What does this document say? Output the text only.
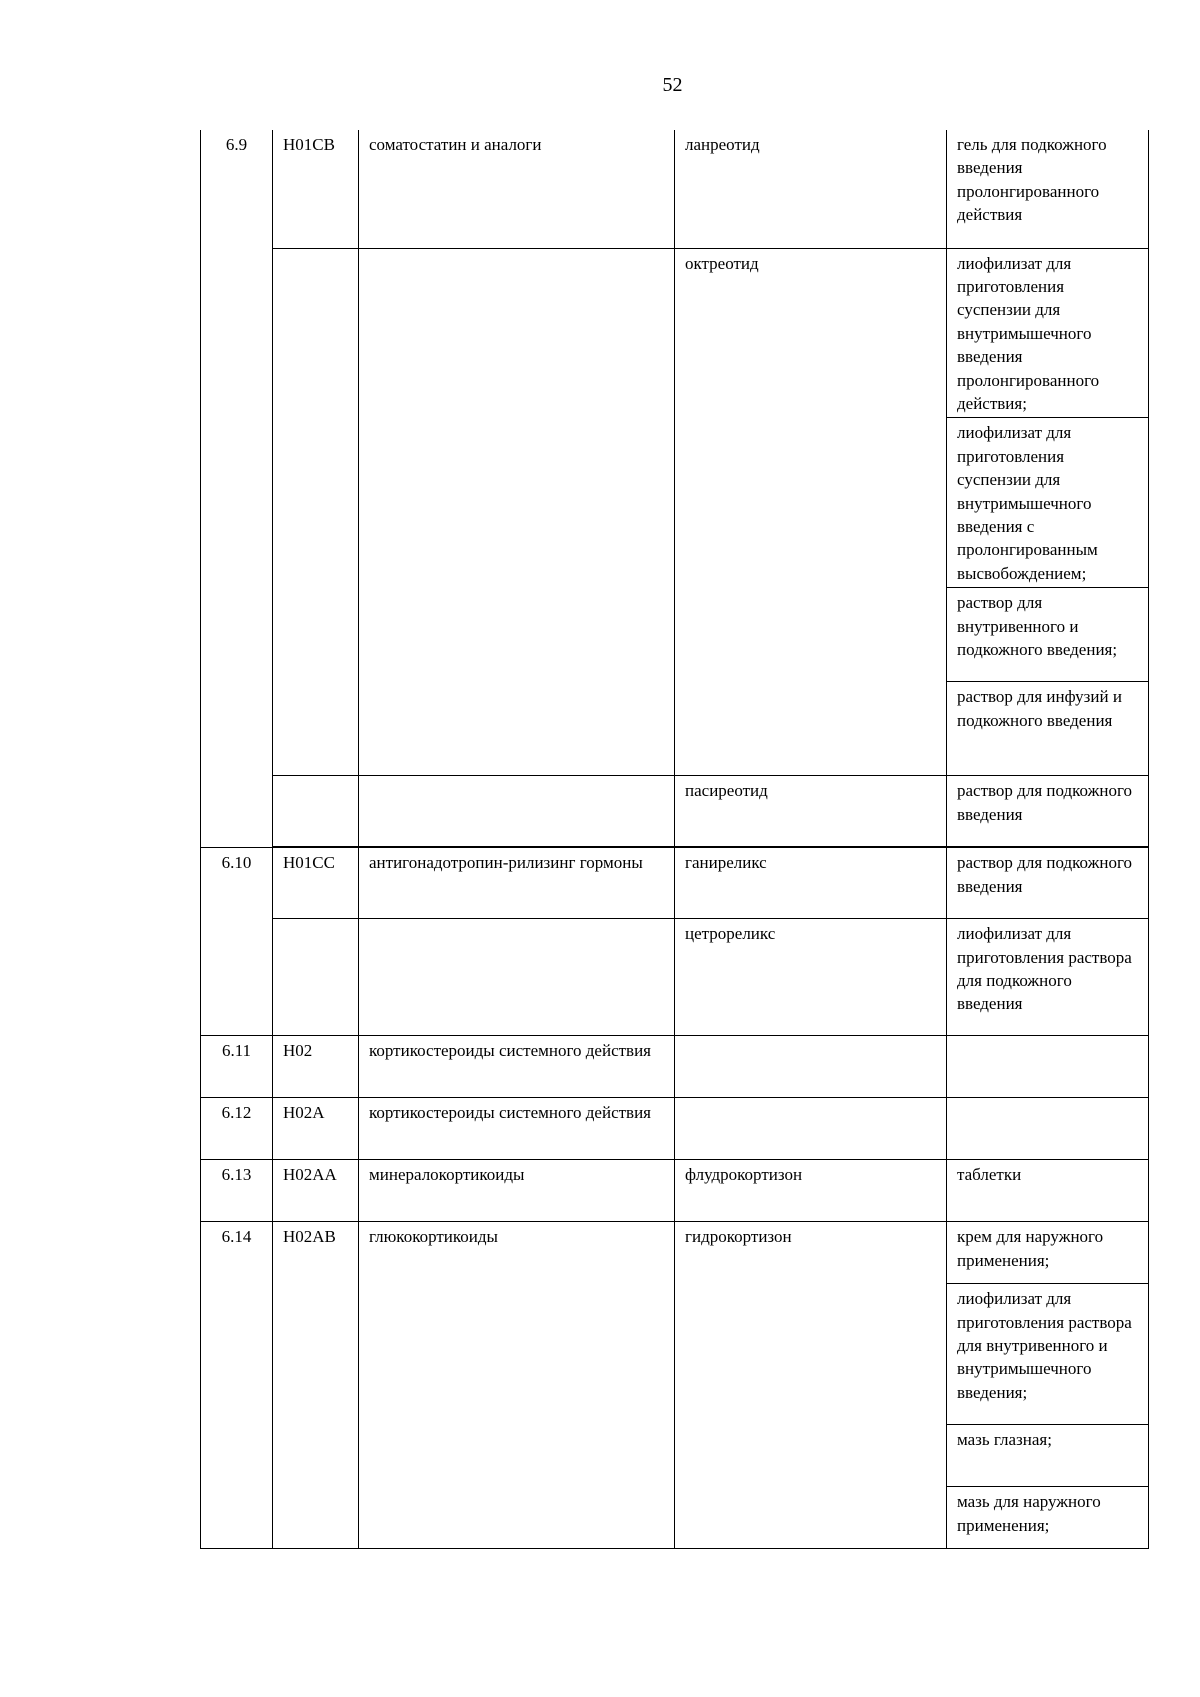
52
6.9	H01CB	соматостатин и аналоги	ланреотид	гель для подкожного введения пролонгированного действия
			октреотид	лиофилизат для приготовления суспензии для внутримышечного введения пролонгированного действия;
				лиофилизат для приготовления суспензии для внутримышечного введения с пролонгированным высвобождением;
				раствор для внутривенного и подкожного введения;
				раствор для инфузий и подкожного введения
			пасиреотид	раствор для подкожного введения

6.10	H01CC	антигонадотропин-рилизинг гормоны	ганиреликс	раствор для подкожного введения
			цетрореликс	лиофилизат для приготовления раствора для подкожного введения
6.11	H02	кортикостероиды системного действия		
6.12	H02A	кортикостероиды системного действия		
6.13	H02AA	минералокортикоиды	флудрокортизон	таблетки
6.14	H02AB	глюкокортикоиды	гидрокортизон	крем для наружного применения;
				лиофилизат для приготовления раствора для внутривенного и внутримышечного введения;
				мазь глазная;
				мазь для наружного применения;
